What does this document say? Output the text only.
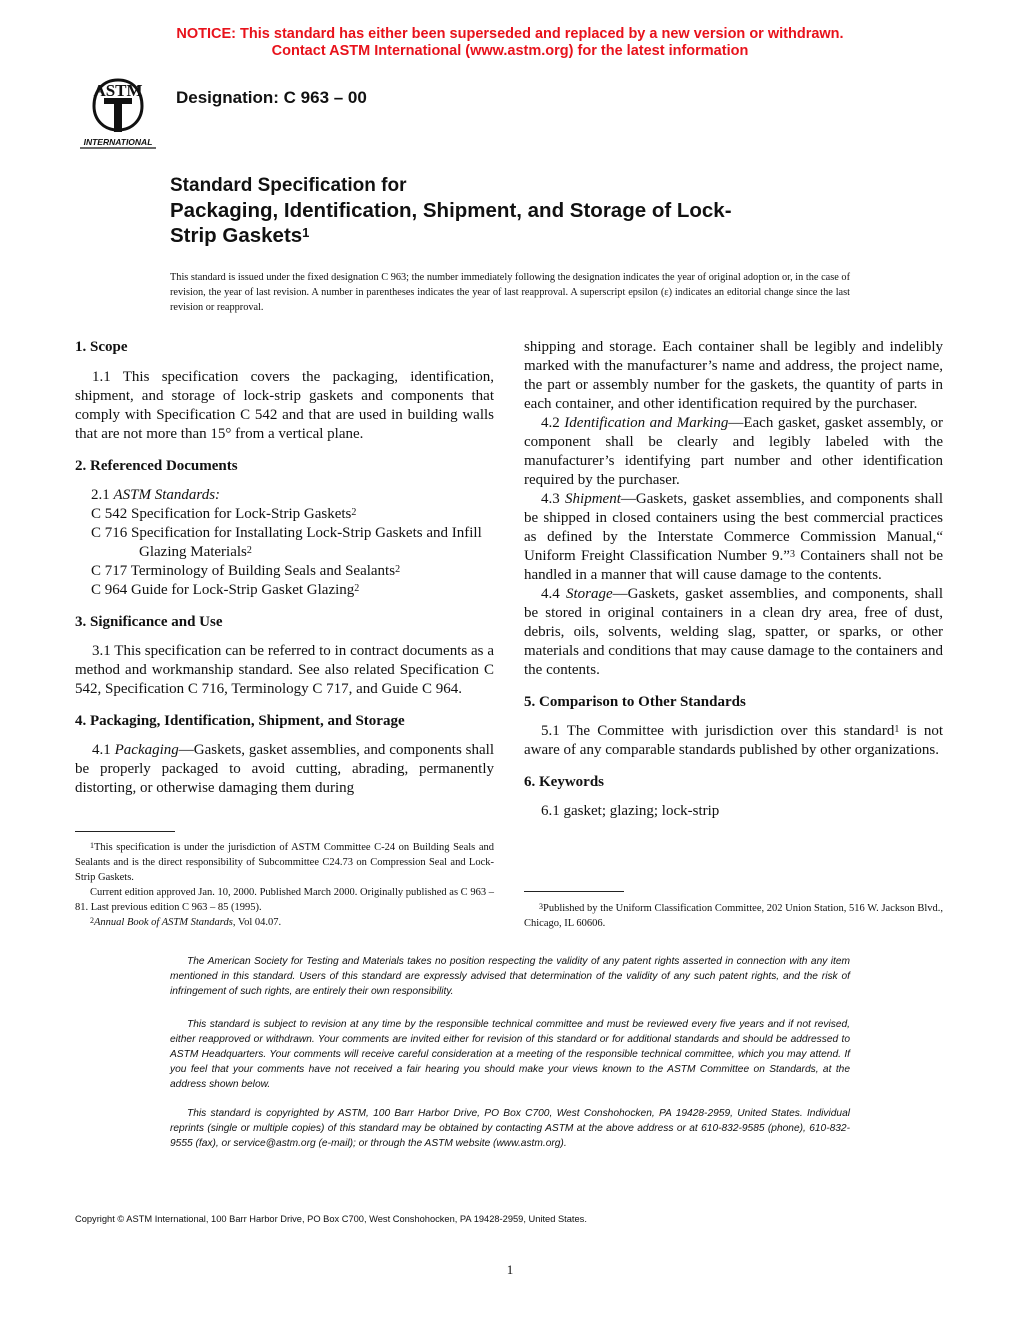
NOTICE: This standard has either been superseded and replaced by a new version or withdrawn.
Contact ASTM International (www.astm.org) for the latest information
ASTM
INTERNATIONAL
Designation: C 963 – 00
Standard Specification for
Packaging, Identification, Shipment, and Storage of Lock-
Strip Gaskets$^1$
This standard is issued under the fixed designation C 963; the number immediately following the designation indicates the year of original adoption or, in the case of revision, the year of last revision. A number in parentheses indicates the year of last reapproval. A superscript epsilon (ε) indicates an editorial change since the last revision or reapproval.
1. Scope

1.1 This specification covers the packaging, identification, shipment, and storage of lock-strip gaskets and components that comply with Specification C 542 and that are used in building walls that are not more than 15° from a vertical plane.

2. Referenced Documents

2.1 ASTM Standards:

C 542 Specification for Lock-Strip Gaskets$^2$

C 716 Specification for Installating Lock-Strip Gaskets and Infill Glazing Materials$^2$

C 717 Terminology of Building Seals and Sealants$^2$

C 964 Guide for Lock-Strip Gasket Glazing$^2$

3. Significance and Use

3.1 This specification can be referred to in contract documents as a method and workmanship standard. See also related Specification C 542, Specification C 716, Terminology C 717, and Guide C 964.

4. Packaging, Identification, Shipment, and Storage

4.1 Packaging—Gaskets, gasket assemblies, and components shall be properly packaged to avoid cutting, abrading, permanently distorting, or otherwise damaging them during

shipping and storage. Each container shall be legibly and indelibly marked with the manufacturer’s name and address, the project name, the part or assembly number for the gaskets, the quantity of parts in each container, and other identification required by the purchaser.

4.2 Identification and Marking—Each gasket, gasket assembly, or component shall be clearly and legibly labeled with the manufacturer’s identifying part number and other identification required by the purchaser.

4.3 Shipment—Gaskets, gasket assemblies, and components shall be shipped in closed containers using the best commercial practices as defined by the Interstate Commerce Commission Manual,“ Uniform Freight Classification Number 9.”$^3$ Containers shall not be handled in a manner that will cause damage to the contents.

4.4 Storage—Gaskets, gasket assemblies, and components, shall be stored in original containers in a clean dry area, free of dust, debris, oils, solvents, welding slag, spatter, or sparks, or other materials and conditions that may cause damage to the containers and the contents.

5. Comparison to Other Standards

5.1 The Committee with jurisdiction over this standard$^1$ is not aware of any comparable standards published by other organizations.

6. Keywords

6.1 gasket; glazing; lock-strip

$^1$This specification is under the jurisdiction of ASTM Committee C-24 on Building Seals and Sealants and is the direct responsibility of Subcommittee C24.73 on Compression Seal and Lock-Strip Gaskets.

Current edition approved Jan. 10, 2000. Published March 2000. Originally published as C 963 – 81. Last previous edition C 963 – 85 (1995).

$^2$Annual Book of ASTM Standards, Vol 04.07.

$^3$Published by the Uniform Classification Committee, 202 Union Station, 516 W. Jackson Blvd., Chicago, IL 60606.

The American Society for Testing and Materials takes no position respecting the validity of any patent rights asserted in connection with any item mentioned in this standard. Users of this standard are expressly advised that determination of the validity of any such patent rights, and the risk of infringement of such rights, are entirely their own responsibility.

This standard is subject to revision at any time by the responsible technical committee and must be reviewed every five years and if not revised, either reapproved or withdrawn. Your comments are invited either for revision of this standard or for additional standards and should be addressed to ASTM Headquarters. Your comments will receive careful consideration at a meeting of the responsible technical committee, which you may attend. If you feel that your comments have not received a fair hearing you should make your views known to the ASTM Committee on Standards, at the address shown below.

This standard is copyrighted by ASTM, 100 Barr Harbor Drive, PO Box C700, West Conshohocken, PA 19428-2959, United States. Individual reprints (single or multiple copies) of this standard may be obtained by contacting ASTM at the above address or at 610-832-9585 (phone), 610-832-9555 (fax), or service@astm.org (e-mail); or through the ASTM website (www.astm.org).

Copyright © ASTM International, 100 Barr Harbor Drive, PO Box C700, West Conshohocken, PA 19428-2959, United States.
1
